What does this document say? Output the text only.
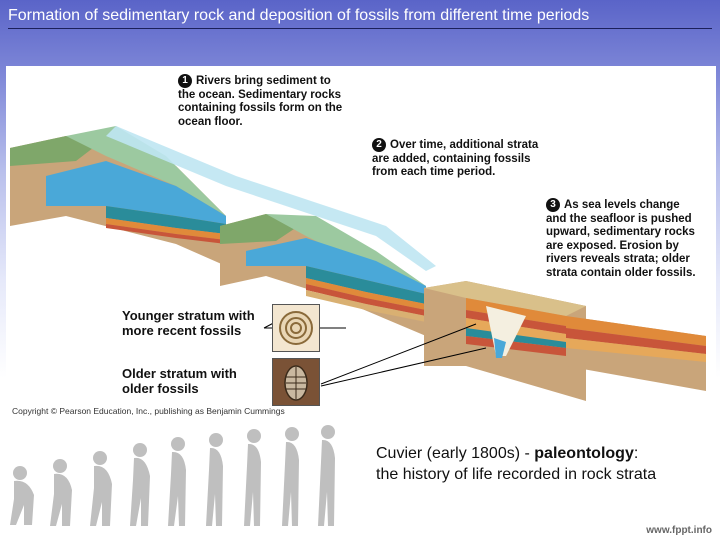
Formation of sedimentary rock and deposition of fossils from different time periods
1 Rivers bring sediment to
the ocean. Sedimentary rocks
containing fossils form on the
ocean floor.
2 Over time, additional strata
are added, containing fossils
from each time period.
3 As sea levels change
and the seafloor is pushed
upward, sedimentary rocks
are exposed. Erosion by
rivers reveals strata; older
strata contain older fossils.
Younger stratum with
more recent fossils
Older stratum with
older fossils
Copyright © Pearson Education, Inc., publishing as Benjamin Cummings
Cuvier (early 1800s) - paleontology:
the history of life recorded in rock strata
www.fppt.info
